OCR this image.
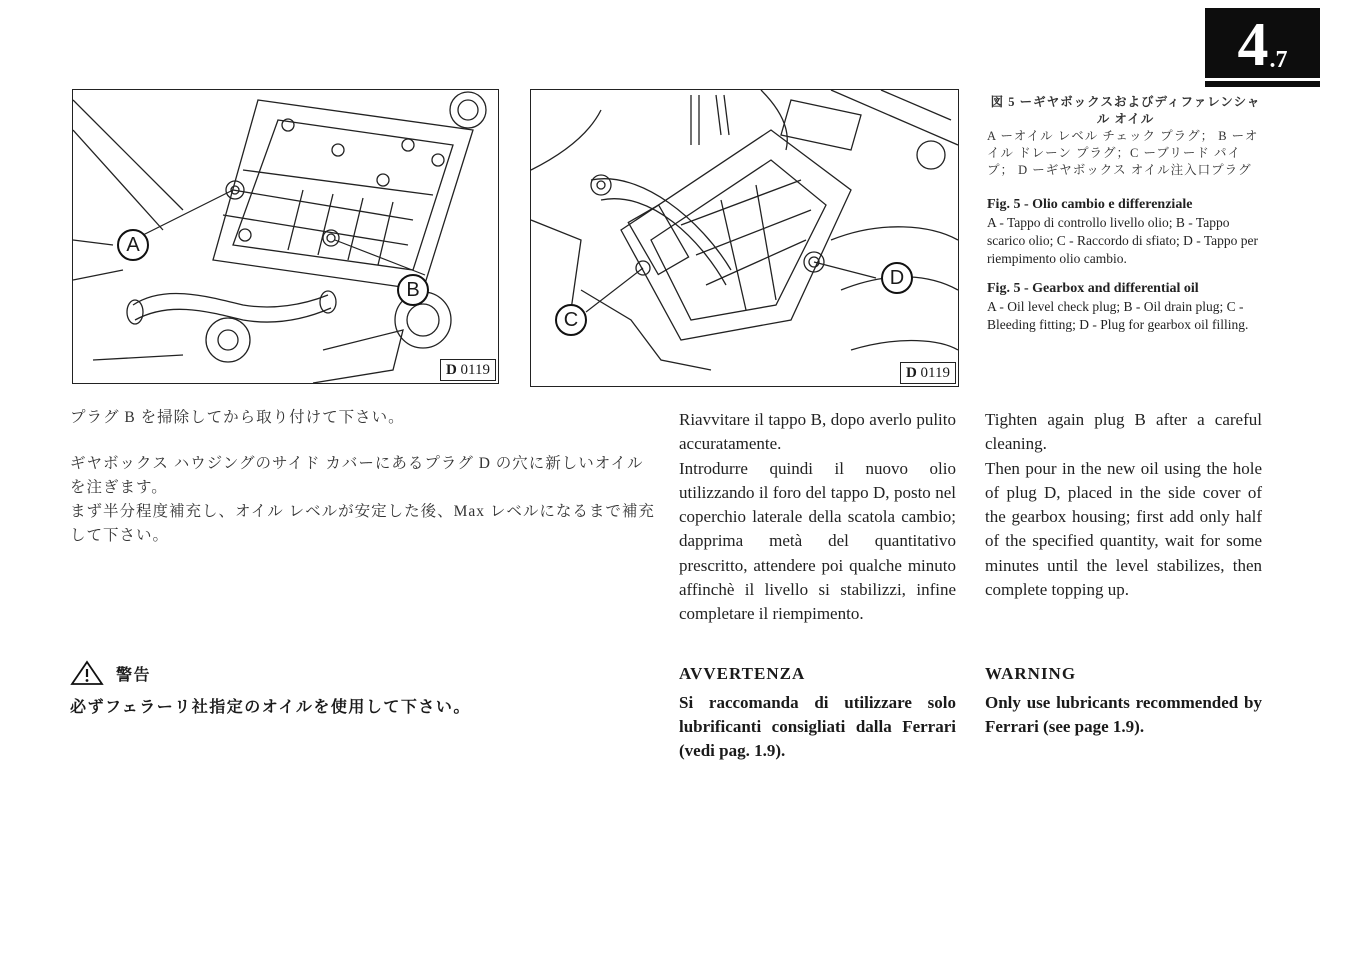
4 .7
A
B
D 0119
C
D
D 0119
図 5 ーギヤボックスおよびディファレンシャル オイル
A ーオイル レベル チェック プラグ； B ーオイル ドレーン プラグ；C ーブリード パイプ； D ーギヤボックス オイル注入口プラグ
Fig. 5 - Olio cambio e differenziale
A - Tappo di controllo livello olio; B - Tappo scarico olio; C - Raccordo di sfiato; D - Tappo per riempimento olio cambio.
Fig. 5 - Gearbox and differential oil
A - Oil level check plug; B - Oil drain plug; C - Bleeding fitting; D - Plug for gearbox oil filling.
プラグ B を掃除してから取り付けて下さい。
ギヤボックス ハウジングのサイド カバーにあるプラグ D の穴に新しいオイルを注ぎます。
まず半分程度補充し、オイル レベルが安定した後、Max レベルになるまで補充して下さい。
警告
必ずフェラーリ社指定のオイルを使用して下さい。
Riavvitare il tappo B, dopo averlo pulito accuratamente.
Introdurre quindi il nuovo olio utilizzando il foro del tappo D, posto nel coperchio laterale della scatola cambio; dapprima metà del quantitativo prescritto, attendere poi qualche minuto affinchè il livello si stabilizzi, infine completare il riempimento.
AVVERTENZA
Si raccomanda di utilizzare solo lubrificanti consigliati dalla Ferrari (vedi pag. 1.9).
Tighten again plug B after a careful cleaning.
Then pour in the new oil using the hole of plug D, placed in the side cover of the gearbox housing; first add only half of the specified quantity, wait for some minutes until the level stabilizes, then complete topping up.
WARNING
Only use lubricants recommended by Ferrari (see page 1.9).
